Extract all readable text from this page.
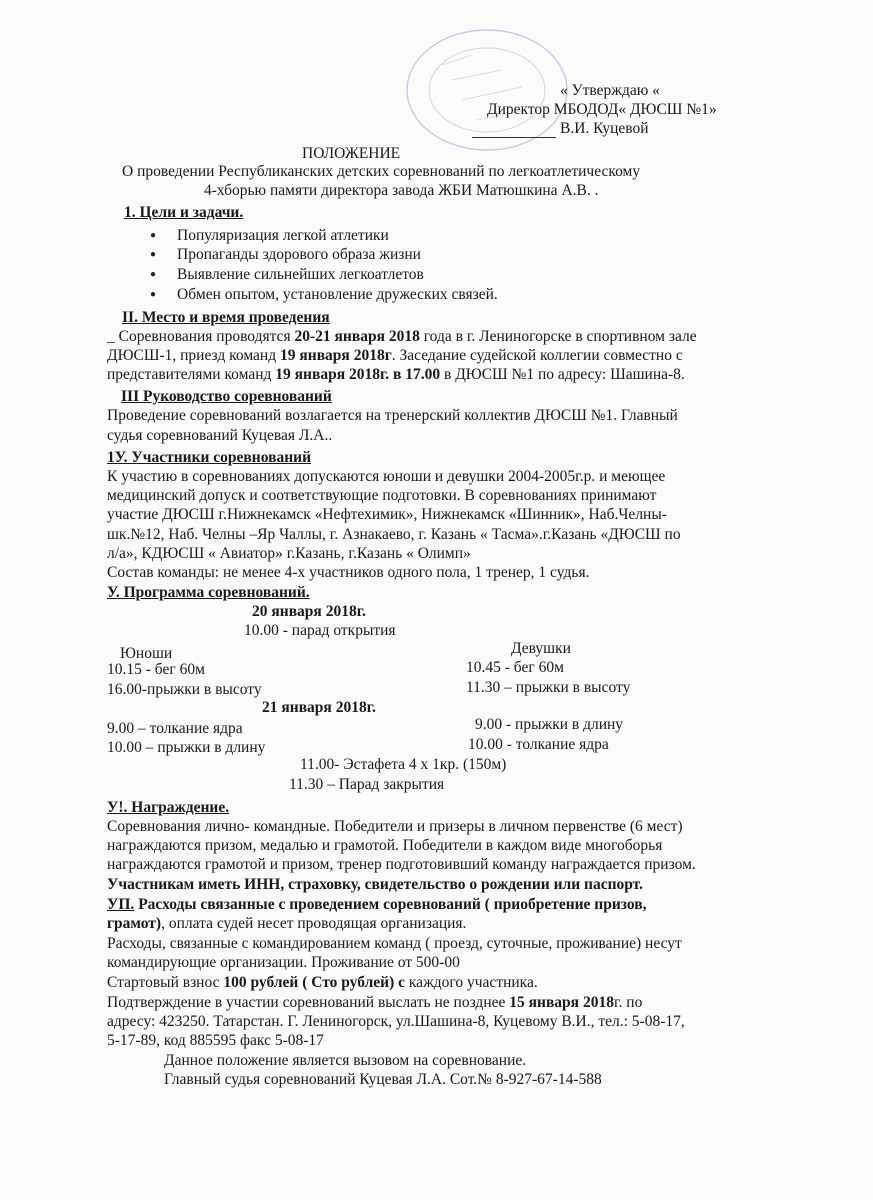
« Утверждаю «
Директор МБОДОД« ДЮСШ №1»
В.И. Куцевой
ПОЛОЖЕНИЕ
О проведении Республиканских детских соревнований по легкоатлетическому
4-хборью памяти директора завода ЖБИ Матюшкина А.В. .
1. Цели и задачи.
● Популяризация легкой атлетики
● Пропаганды здорового образа жизни
● Выявление сильнейших легкоатлетов
● Обмен опытом, установление дружеских связей.
II. Место и время проведения
_ Соревнования проводятся 20-21 января 2018 года в г. Лениногорске в спортивном зале
ДЮСШ-1, приезд команд 19 января 2018г. Заседание судейской коллегии совместно с
представителями команд 19 января 2018г. в 17.00 в ДЮСШ №1 по адресу: Шашина-8.
III Руководство соревнований
Проведение соревнований возлагается на тренерский коллектив ДЮСШ №1. Главный
судья соревнований Куцевая Л.А..
1У. Участники соревнований
К участию в соревнованиях допускаются юноши и девушки 2004-2005г.р. и меющее
медицинский допуск и соответствующие подготовки. В соревнованиях принимают
участие ДЮСШ г.Нижнекамск «Нефтехимик», Нижнекамск «Шинник», Наб.Челны-
шк.№12, Наб. Челны –Яр Чаллы, г. Азнакаево, г. Казань « Тасма».г.Казань «ДЮСШ по
л/а», КДЮСШ « Авиатор» г.Казань, г.Казань « Олимп»
Состав команды: не менее 4-х участников одного пола, 1 тренер, 1 судья.
У. Программа соревнований.
20 января 2018г.
10.00 - парад открытия
Юноши	Девушки
10.15 - бег 60м
16.00-прыжки в высоту
10.45 - бег 60м
11.30 – прыжки в высоту
21 января 2018г.
9.00 – толкание ядра
10.00 – прыжки в длину
9.00 - прыжки в длину
10.00 - толкание ядра
11.00- Эстафета 4 х 1кр. (150м)
11.30 – Парад закрытия
У!. Награждение.
Соревнования лично- командные. Победители и призеры в личном первенстве (6 мест)
награждаются призом, медалью и грамотой. Победители в каждом виде многоборья
награждаются грамотой и призом, тренер подготовивший команду награждается призом.
Участникам иметь ИНН, страховку, свидетельство о рождении или паспорт.
УП. Расходы связанные с проведением соревнований ( приобретение призов,
грамот), оплата судей несет проводящая организация.
Расходы, связанные с командированием команд ( проезд, суточные, проживание) несут
командирующие организации. Проживание от 500-00
Стартовый взнос 100 рублей ( Сто рублей) с каждого участника.
Подтверждение в участии соревнований выслать не позднее 15 января 2018г. по
адресу: 423250. Татарстан. Г. Лениногорск, ул.Шашина-8, Куцевому В.И., тел.: 5-08-17,
5-17-89, код 885595 факс 5-08-17
Данное положение является вызовом на соревнование.
Главный судья соревнований Куцевая Л.А. Сот.№ 8-927-67-14-588
